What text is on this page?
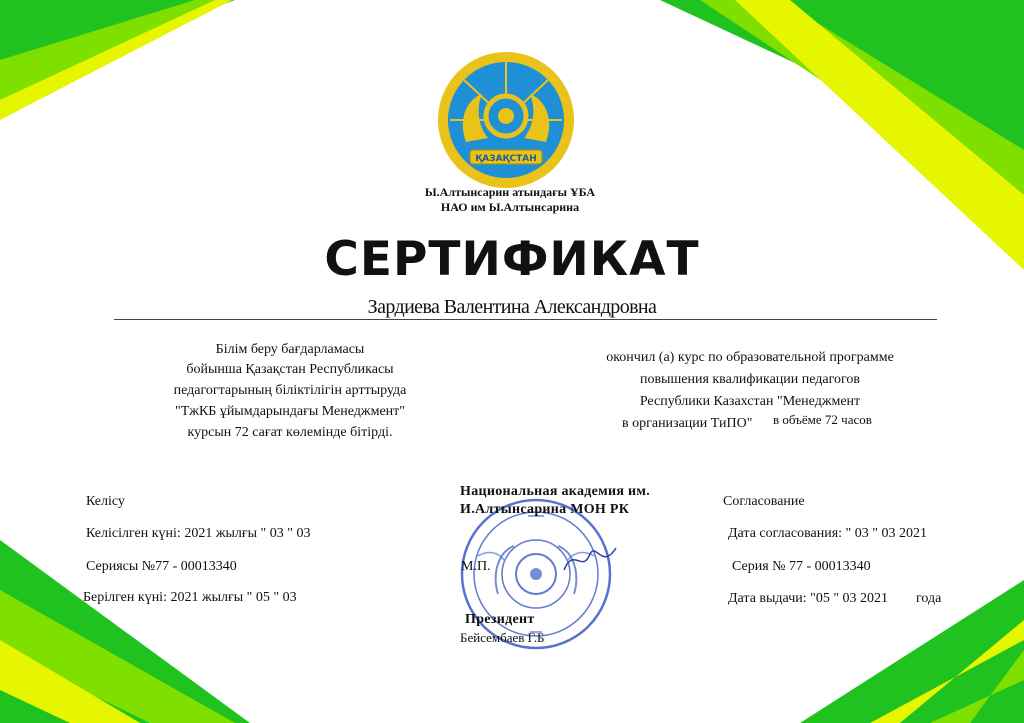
ҚАЗАҚСТАН
Ы.Алтынсарин атындағы ҰБА
НАО им Ы.Алтынсарина
СЕРТИФИКАТ
Зардиева Валентина Александровна
Білім беру бағдарламасы
бойынша Қазақстан Республикасы
педагогтарының біліктілігін арттыруда
"ТжКБ ұйымдарындағы Менеджмент"
курсын 72 сағат көлемінде бітірді.
окончил (а) курс по образовательной программе
повышения квалификации педагогов
Республики Казахстан "Менеджмент
в организации ТиПО" в объёме 72 часов
Келісу
Келісілген күні: 2021 жылғы " 03 " 03
Сериясы №77 - 00013340
Берілген күні: 2021 жылғы " 05 " 03
Согласование
Дата согласования: " 03 " 03 2021
Серия № 77 - 00013340
Дата выдачи: "05 " 03 2021 года
Национальная академия им.
И.Алтынсарина МОН РК
М.П.
Президент
Бейсембаев Г.Б
